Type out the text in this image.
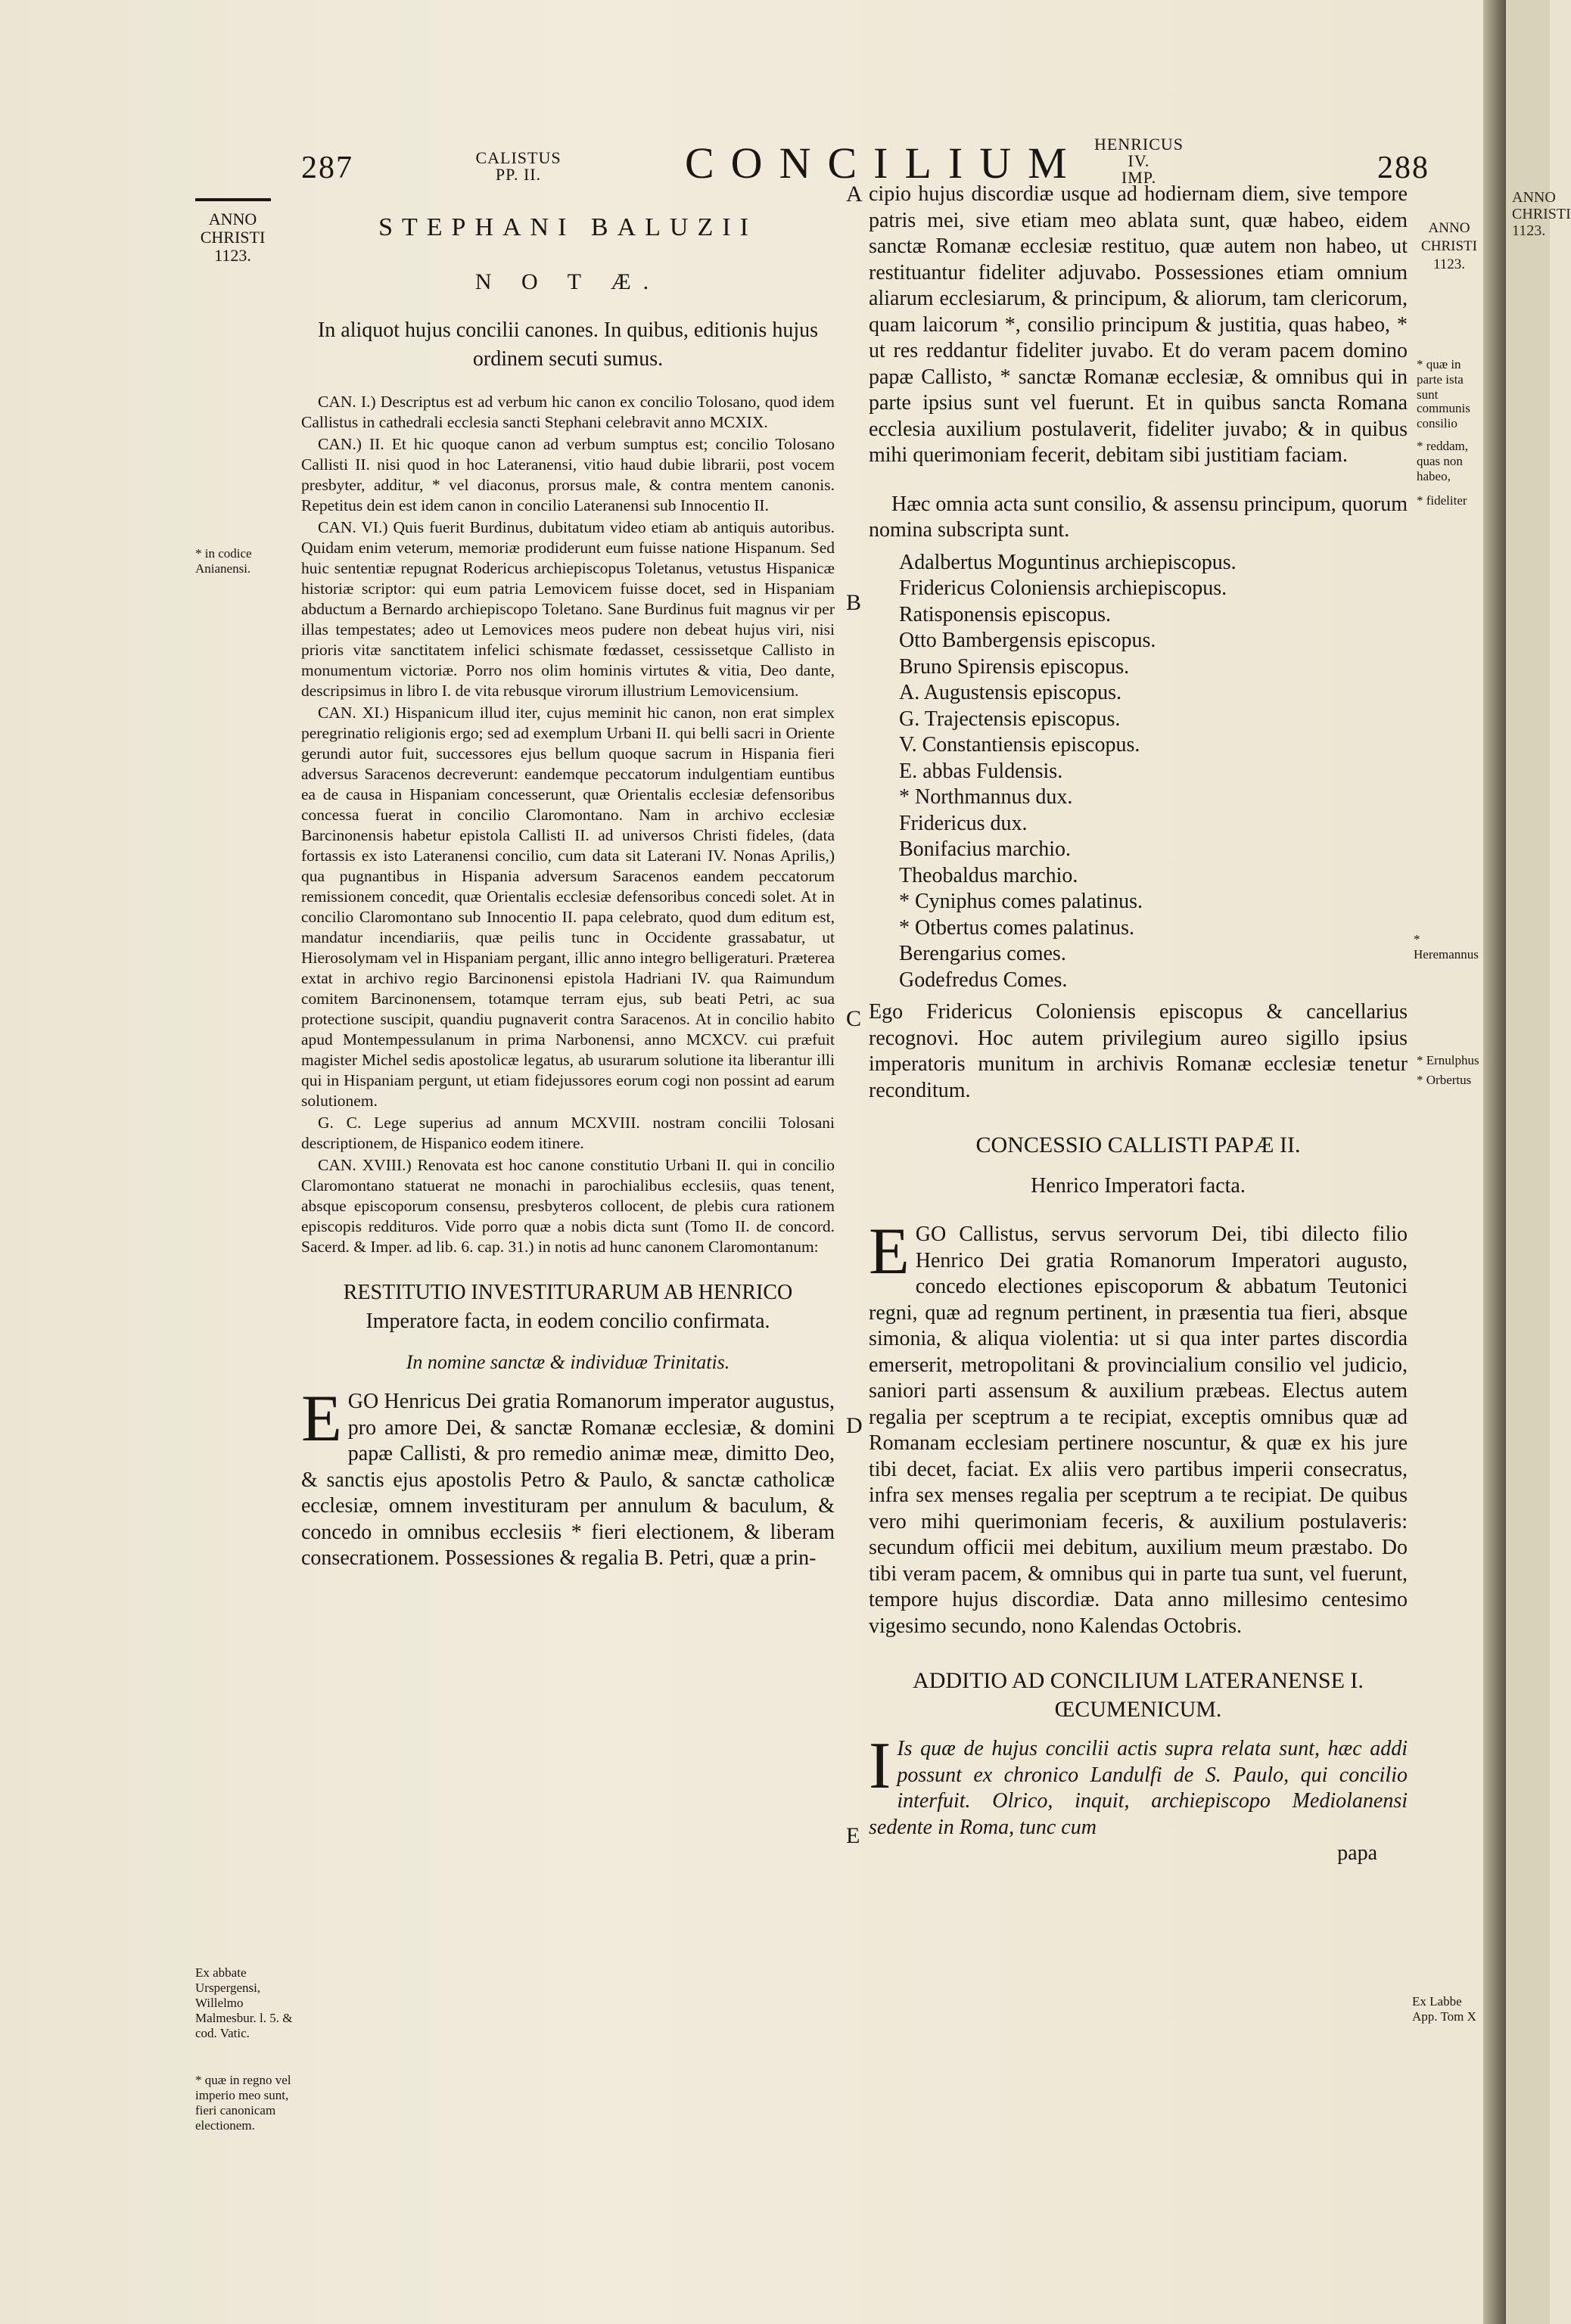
ANNO
CHRISTI
1123.
287	CALISTUS
PP. II.	CONCILIUM HENRICUS IV.
IMP.	288
ANNO
CHRISTI
1123.
ANNO
CHRISTI
1123.
STEPHANI BALUZII
N O T Æ.
In aliquot hujus concilii canones. In quibus, editionis hujus ordinem secuti sumus.

CAN. I.) Descriptus est ad verbum hic canon ex concilio Tolosano, quod idem Callistus in cathedrali ecclesia sancti Stephani celebravit anno MCXIX.

CAN.) II. Et hic quoque canon ad verbum sumptus est; concilio Tolosano Callisti II. nisi quod in hoc Lateranensi, vitio haud dubie librarii, post vocem presbyter, additur, * vel diaconus, prorsus male, & contra mentem canonis. Repetitus dein est idem canon in concilio Lateranensi sub Innocentio II.

CAN. VI.) Quis fuerit Burdinus, dubitatum video etiam ab antiquis autoribus. Quidam enim veterum, memoriæ prodiderunt eum fuisse natione Hispanum. Sed huic sententiæ repugnat Rodericus archiepiscopus Toletanus, vetustus Hispanicæ historiæ scriptor: qui eum patria Lemovicem fuisse docet, sed in Hispaniam abductum a Bernardo archiepiscopo Toletano. Sane Burdinus fuit magnus vir per illas tempestates; adeo ut Lemovices meos pudere non debeat hujus viri, nisi prioris vitæ sanctitatem infelici schismate fœdasset, cessissetque Callisto in monumentum victoriæ. Porro nos olim hominis virtutes & vitia, Deo dante, descripsimus in libro I. de vita rebusque virorum illustrium Lemovicensium.

CAN. XI.) Hispanicum illud iter, cujus meminit hic canon, non erat simplex peregrinatio religionis ergo; sed ad exemplum Urbani II. qui belli sacri in Oriente gerundi autor fuit, successores ejus bellum quoque sacrum in Hispania fieri adversus Saracenos decreverunt: eandemque peccatorum indulgentiam euntibus ea de causa in Hispaniam concesserunt, quæ Orientalis ecclesiæ defensoribus concessa fuerat in concilio Claromontano. Nam in archivo ecclesiæ Barcinonensis habetur epistola Callisti II. ad universos Christi fideles, (data fortassis ex isto Lateranensi concilio, cum data sit Laterani IV. Nonas Aprilis,) qua pugnantibus in Hispania adversum Saracenos eandem peccatorum remissionem concedit, quæ Orientalis ecclesiæ defensoribus concedi solet. At in concilio Claromontano sub Innocentio II. papa celebrato, quod dum editum est, mandatur incendiariis, quæ peilis tunc in Occidente grassabatur, ut Hierosolymam vel in Hispaniam pergant, illic anno integro belligeraturi. Præterea extat in archivo regio Barcinonensi epistola Hadriani IV. qua Raimundum comitem Barcinonensem, totamque terram ejus, sub beati Petri, ac sua protectione suscipit, quandiu pugnaverit contra Saracenos. At in concilio habito apud Montempessulanum in prima Narbonensi, anno MCXCV. cui præfuit magister Michel sedis apostolicæ legatus, ab usurarum solutione ita liberantur illi qui in Hispaniam pergunt, ut etiam fidejussores eorum cogi non possint ad earum solutionem.

G. C. Lege superius ad annum MCXVIII. nostram concilii Tolosani descriptionem, de Hispanico eodem itinere.

CAN. XVIII.) Renovata est hoc canone constitutio Urbani II. qui in concilio Claromontano statuerat ne monachi in parochialibus ecclesiis, quas tenent, absque episcoporum consensu, presbyteros collocent, de plebis cura rationem episcopis reddituros. Vide porro quæ a nobis dicta sunt (Tomo II. de concord. Sacerd. & Imper. ad lib. 6. cap. 31.) in notis ad hunc canonem Claromontanum:

RESTITUTIO INVESTITURARUM AB HENRICO Imperatore facta, in eodem concilio confirmata.
In nomine sanctæ & individuæ Trinitatis.
E GO Henricus Dei gratia Romanorum imperator augustus, pro amore Dei, & sanctæ Romanæ ecclesiæ, & domini papæ Callisti, & pro remedio animæ meæ, dimitto Deo, & sanctis ejus apostolis Petro & Paulo, & sanctæ catholicæ ecclesiæ, omnem investituram per annulum & baculum, & concedo in omnibus ecclesiis * fieri electionem, & liberam consecrationem. Possessiones & regalia B. Petri, quæ a prin-

* in codice Anianensi.
Ex abbate Urspergensi, Willelmo Malmesbur. l. 5. & cod. Vatic.
* quæ in regno vel imperio meo sunt, fieri canonicam electionem.
A
B
C
D
E
cipio hujus discordiæ usque ad hodiernam diem, sive tempore patris mei, sive etiam meo ablata sunt, quæ habeo, eidem sanctæ Romanæ ecclesiæ restituo, quæ autem non habeo, ut restituantur fideliter adjuvabo. Possessiones etiam omnium aliarum ecclesiarum, & principum, & aliorum, tam clericorum, quam laicorum *, consilio principum & justitia, quas habeo, * ut res reddantur fideliter juvabo. Et do veram pacem domino papæ Callisto, * sanctæ Romanæ ecclesiæ, & omnibus qui in parte ipsius sunt vel fuerunt. Et in quibus sancta Romana ecclesia auxilium postulaverit, fideliter juvabo; & in quibus mihi querimoniam fecerit, debitam sibi justitiam faciam.
Hæc omnia acta sunt consilio, & assensu principum, quorum nomina subscripta sunt.
Adalbertus Moguntinus archiepiscopus.
Fridericus Coloniensis archiepiscopus.
Ratisponensis episcopus.
Otto Bambergensis episcopus.
Bruno Spirensis episcopus.
A. Augustensis episcopus.
G. Trajectensis episcopus.
V. Constantiensis episcopus.
E. abbas Fuldensis.
* Northmannus dux.
Fridericus dux.
Bonifacius marchio.
Theobaldus marchio.
* Cyniphus comes palatinus.
* Otbertus comes palatinus.
Berengarius comes.
Godefredus Comes.
Ego Fridericus Coloniensis episcopus & cancellarius recognovi. Hoc autem privilegium aureo sigillo ipsius imperatoris munitum in archivis Romanæ ecclesiæ tenetur reconditum.
CONCESSIO CALLISTI PAPÆ II.
Henrico Imperatori facta.
E GO Callistus, servus servorum Dei, tibi dilecto filio Henrico Dei gratia Romanorum Imperatori augusto, concedo electiones episcoporum & abbatum Teutonici regni, quæ ad regnum pertinent, in præsentia tua fieri, absque simonia, & aliqua violentia: ut si qua inter partes discordia emerserit, metropolitani & provincialium consilio vel judicio, saniori parti assensum & auxilium præbeas. Electus autem regalia per sceptrum a te recipiat, exceptis omnibus quæ ad Romanam ecclesiam pertinere noscuntur, & quæ ex his jure tibi decet, faciat. Ex aliis vero partibus imperii consecratus, infra sex menses regalia per sceptrum a te recipiat. De quibus vero mihi querimoniam feceris, & auxilium postulaveris: secundum officii mei debitum, auxilium meum præstabo. Do tibi veram pacem, & omnibus qui in parte tua sunt, vel fuerunt, tempore hujus discordiæ. Data anno millesimo centesimo vigesimo secundo, nono Kalendas Octobris.

ADDITIO AD CONCILIUM LATERANENSE I. ŒCUMENICUM.
I Is quæ de hujus concilii actis supra relata sunt, hæc addi possunt ex chronico Landulfi de S. Paulo, qui concilio interfuit. Olrico, inquit, archiepiscopo Mediolanensi sedente in Roma, tunc cum

papa
* quæ in parte ista sunt
communis consilio
* reddam, quas non habeo,
* fideliter
* Heremannus
* Ernulphus
* Orbertus
Ex Labbe App. Tom X
